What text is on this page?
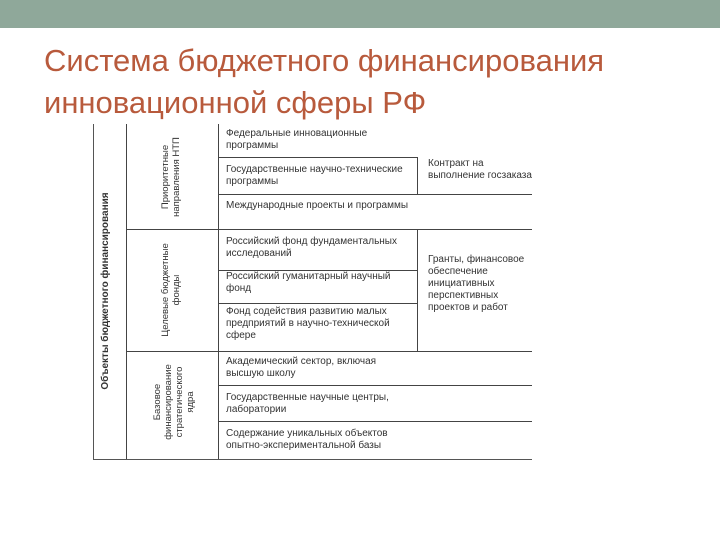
Система бюджетного финансирования инновационной сферы РФ
Объекты бюджетного финансирования
Приоритетные направления НТП
Целевые бюджетные фонды
Базовое финансирование стратегического ядра
Федеральные инновационные программы
Государственные научно-технические программы
Международные проекты и программы
Российский фонд фундаментальных исследований
Российский гуманитарный научный фонд
Фонд содействия развитию малых предприятий в научно-технической сфере
Академический сектор, включая высшую школу
Государственные научные центры, лаборатории
Содержание уникальных объектов опытно-экспериментальной базы
Контракт на выполнение госзаказа
Гранты, финансовое обеспечение инициативных перспективных проектов и работ
